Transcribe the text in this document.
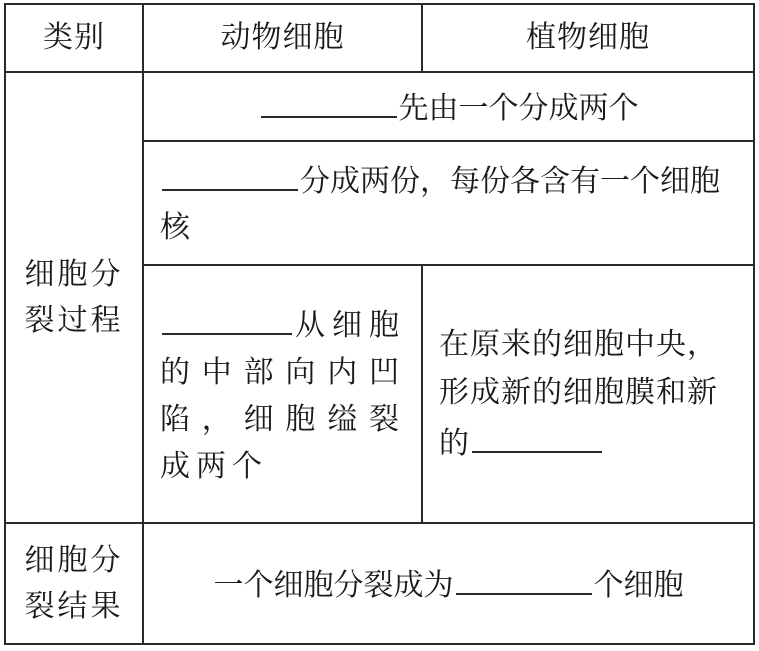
类别	动物细胞	植物细胞
细胞分裂过程	先由一个分成两个	
	分成两份，每份各含有一个细胞核	
	从细胞的中部向内凹陷，细胞缢裂成两个	在原来的细胞中央，形成新的细胞膜和新的
细胞分裂结果	一个细胞分裂成为 个细胞	
